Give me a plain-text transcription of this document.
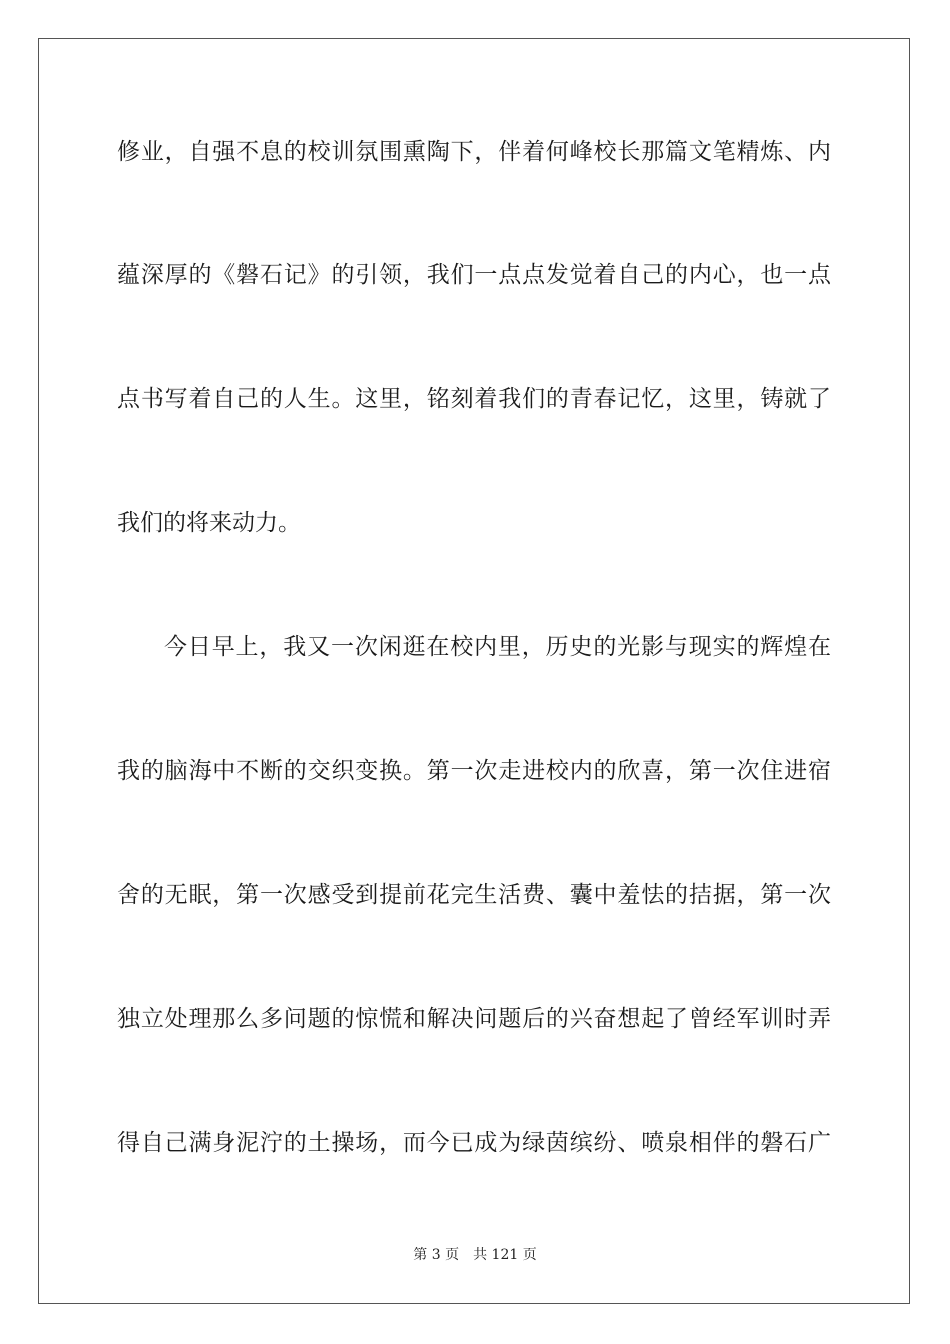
修业，自强不息的校训氛围熏陶下，伴着何峰校长那篇文笔精炼、内
蕴深厚的《磐石记》的引领，我们一点点发觉着自己的内心，也一点
点书写着自己的人生。这里，铭刻着我们的青春记忆，这里，铸就了
我们的将来动力。
今日早上，我又一次闲逛在校内里，历史的光影与现实的辉煌在
我的脑海中不断的交织变换。第一次走进校内的欣喜，第一次住进宿
舍的无眠，第一次感受到提前花完生活费、囊中羞怯的拮据，第一次
独立处理那么多问题的惊慌和解决问题后的兴奋想起了曾经军训时弄
得自己满身泥泞的土操场，而今已成为绿茵缤纷、喷泉相伴的磐石广
第 3 页　共 121 页
